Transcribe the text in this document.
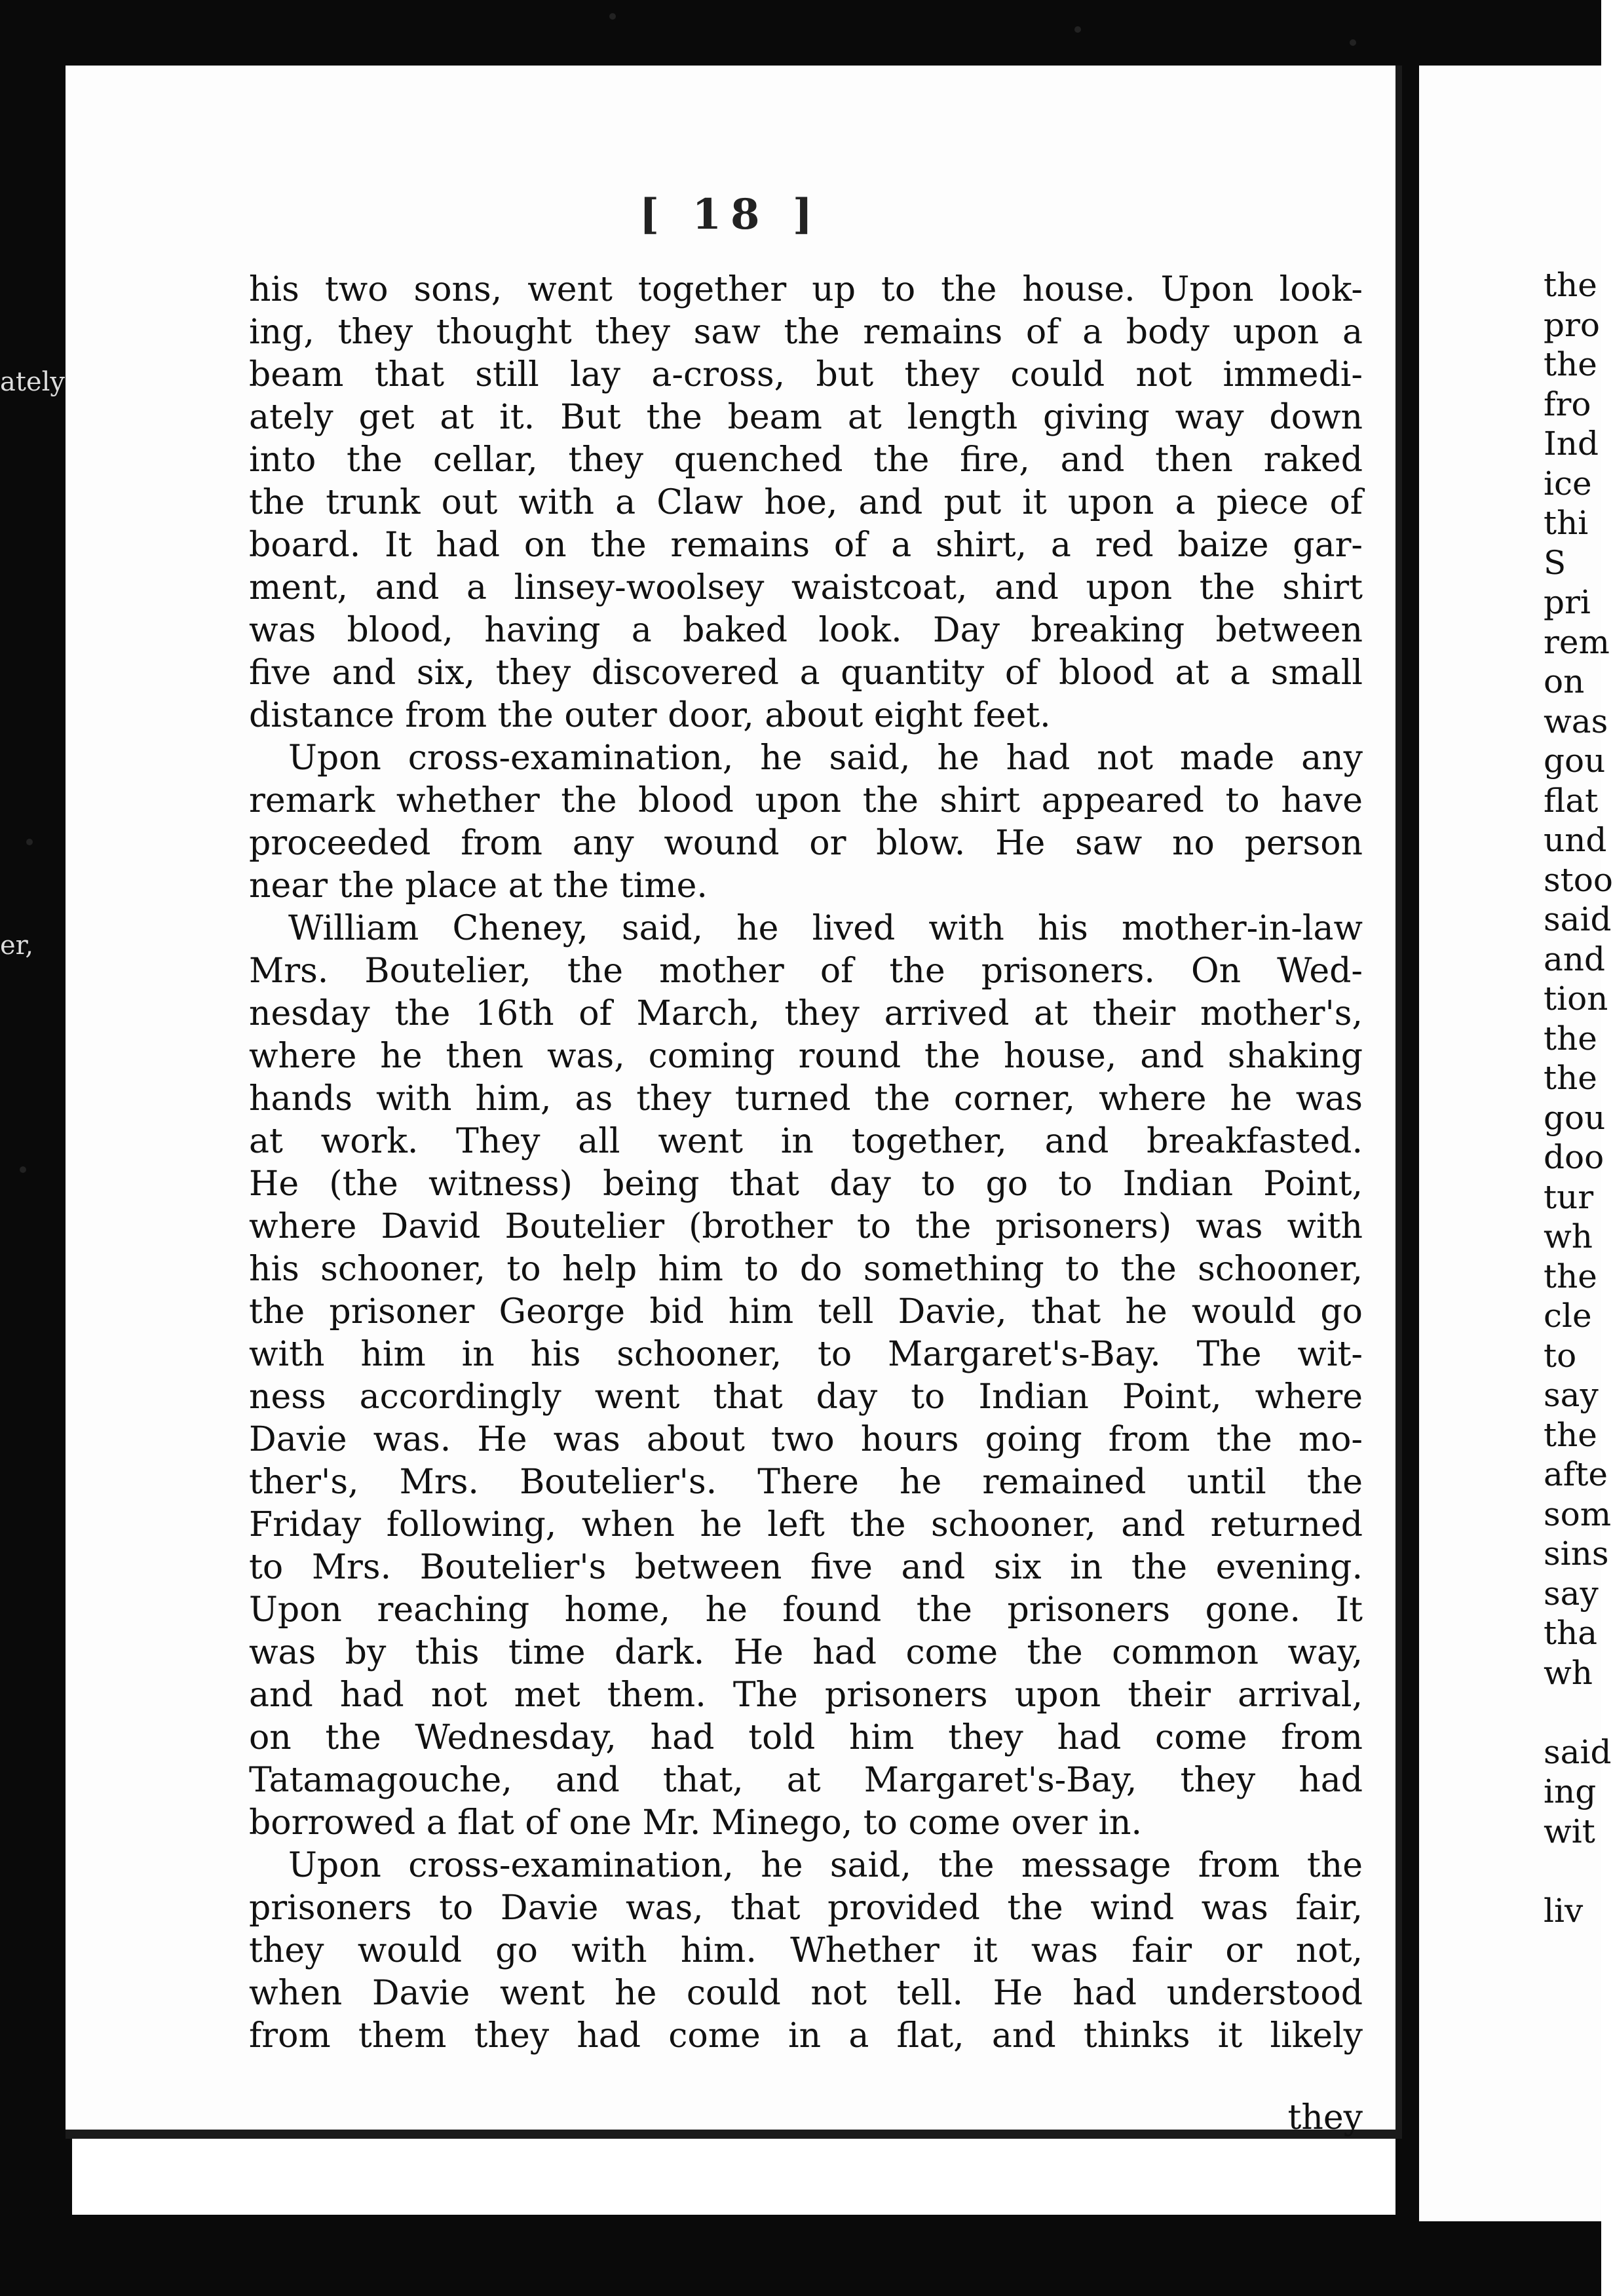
[ 18 ]
his two sons, went together up to the house. Upon look-
ing, they thought they saw the remains of a body upon a
beam that still lay a-cross, but they could not immedi-
ately get at it. But the beam at length giving way down
into the cellar, they quenched the fire, and then raked
the trunk out with a Claw hoe, and put it upon a piece of
board. It had on the remains of a shirt, a red baize gar-
ment, and a linsey-woolsey waistcoat, and upon the shirt
was blood, having a baked look. Day breaking between
five and six, they discovered a quantity of blood at a small
distance from the outer door, about eight feet.
Upon cross-examination, he said, he had not made any
remark whether the blood upon the shirt appeared to have
proceeded from any wound or blow. He saw no person
near the place at the time.
William Cheney, said, he lived with his mother-in-law
Mrs. Boutelier, the mother of the prisoners. On Wed-
nesday the 16th of March, they arrived at their mother's,
where he then was, coming round the house, and shaking
hands with him, as they turned the corner, where he was
at work. They all went in together, and breakfasted.
He (the witness) being that day to go to Indian Point,
where David Boutelier (brother to the prisoners) was with
his schooner, to help him to do something to the schooner,
the prisoner George bid him tell Davie, that he would go
with him in his schooner, to Margaret's-Bay. The wit-
ness accordingly went that day to Indian Point, where
Davie was. He was about two hours going from the mo-
ther's, Mrs. Boutelier's. There he remained until the
Friday following, when he left the schooner, and returned
to Mrs. Boutelier's between five and six in the evening.
Upon reaching home, he found the prisoners gone. It
was by this time dark. He had come the common way,
and had not met them. The prisoners upon their arrival,
on the Wednesday, had told him they had come from
Tatamagouche, and that, at Margaret's-Bay, they had
borrowed a flat of one Mr. Minego, to come over in.
Upon cross-examination, he said, the message from the
prisoners to Davie was, that provided the wind was fair,
they would go with him. Whether it was fair or not,
when Davie went he could not tell. He had understood
from them they had come in a flat, and thinks it likely
they
the
pro
the
fro
Ind
ice
thi
S
pri
rem
on
was
gou
flat
und
stoo
said
and
tion
the
the
gou
doo
tur
wh
the
cle
to
say
the
afte
som
sins
say
tha
wh
said
ing
wit
liv
ately
er,
